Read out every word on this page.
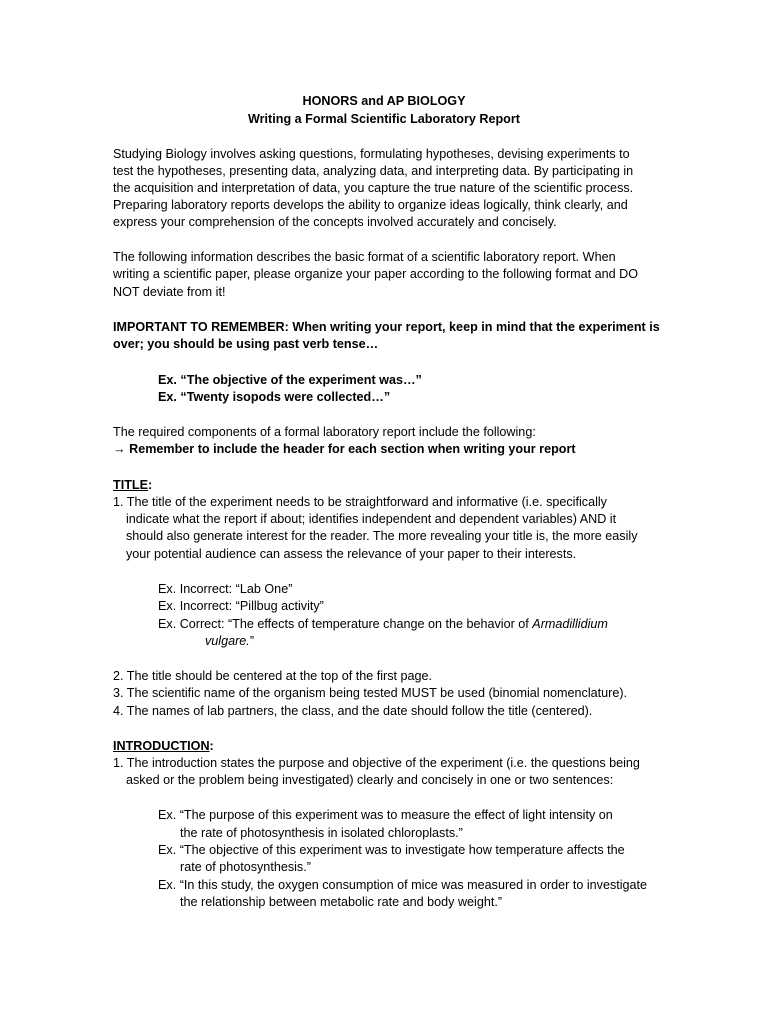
HONORS and AP BIOLOGY
Writing a Formal Scientific Laboratory Report
Studying Biology involves asking questions, formulating hypotheses, devising experiments to
test the hypotheses, presenting data, analyzing data, and interpreting data. By participating in
the acquisition and interpretation of data, you capture the true nature of the scientific process.
Preparing laboratory reports develops the ability to organize ideas logically, think clearly, and
express your comprehension of the concepts involved accurately and concisely.
The following information describes the basic format of a scientific laboratory report. When
writing a scientific paper, please organize your paper according to the following format and DO
NOT deviate from it!
IMPORTANT TO REMEMBER: When writing your report, keep in mind that the experiment is
over; you should be using past verb tense…
Ex. “The objective of the experiment was…”
Ex. “Twenty isopods were collected…”
The required components of a formal laboratory report include the following:
→ Remember to include the header for each section when writing your report
TITLE:
1. The title of the experiment needs to be straightforward and informative (i.e. specifically
indicate what the report if about; identifies independent and dependent variables) AND it
should also generate interest for the reader. The more revealing your title is, the more easily
your potential audience can assess the relevance of your paper to their interests.
Ex. Incorrect: “Lab One”
Ex. Incorrect: “Pillbug activity”
Ex. Correct: “The effects of temperature change on the behavior of Armadillidium
vulgare.”
2. The title should be centered at the top of the first page.
3. The scientific name of the organism being tested MUST be used (binomial nomenclature).
4. The names of lab partners, the class, and the date should follow the title (centered).
INTRODUCTION:
1. The introduction states the purpose and objective of the experiment (i.e. the questions being
asked or the problem being investigated) clearly and concisely in one or two sentences:
Ex. “The purpose of this experiment was to measure the effect of light intensity on
the rate of photosynthesis in isolated chloroplasts.”
Ex. “The objective of this experiment was to investigate how temperature affects the
rate of photosynthesis.”
Ex. “In this study, the oxygen consumption of mice was measured in order to investigate
the relationship between metabolic rate and body weight.”
